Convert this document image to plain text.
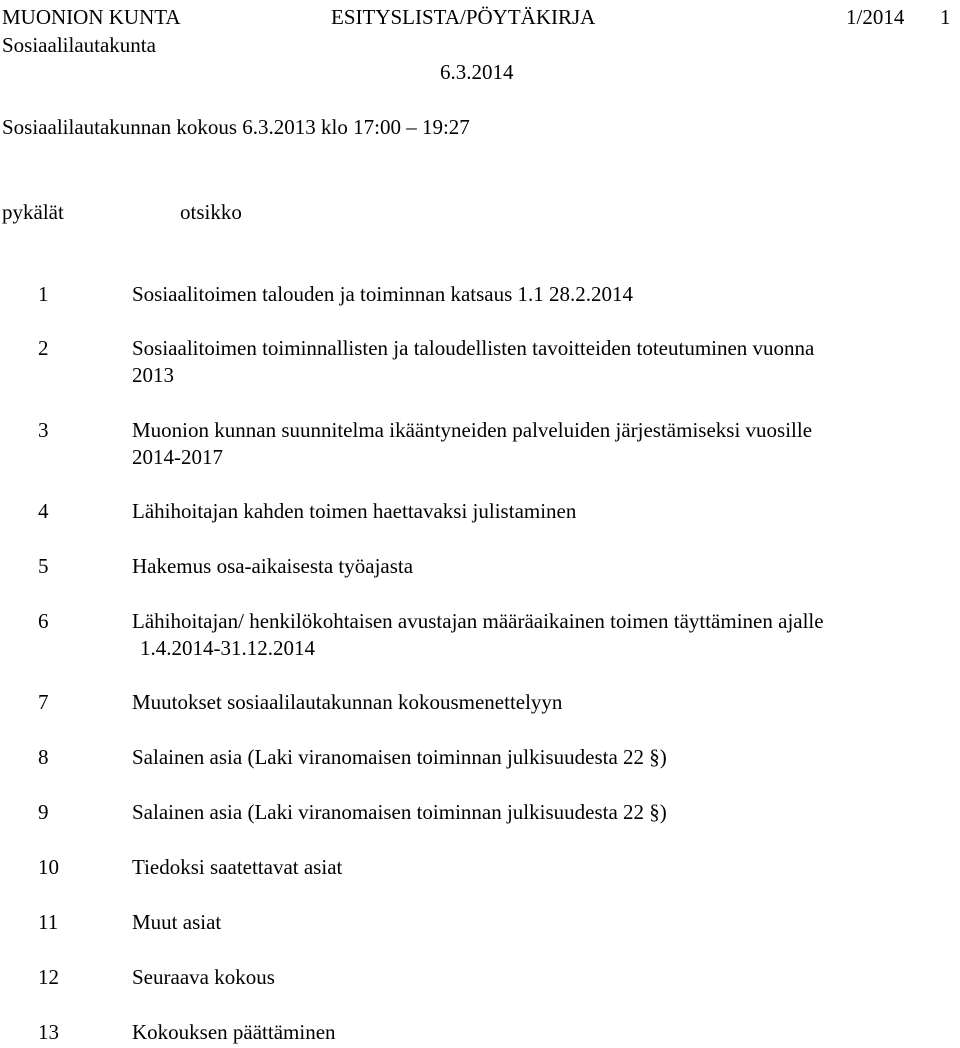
MUONION KUNTA	ESITYSLISTA/PÖYTÄKIRJA	1/2014 1
Sosiaalilautakunta
6.3.2014
Sosiaalilautakunnan kokous 6.3.2013 klo 17:00 – 19:27
pykälät	otsikko
1	Sosiaalitoimen talouden ja toiminnan katsaus 1.1 28.2.2014
2	Sosiaalitoimen toiminnallisten ja taloudellisten tavoitteiden toteutuminen vuonna
2013
3	Muonion kunnan suunnitelma ikääntyneiden palveluiden järjestämiseksi vuosille
2014-2017
4	Lähihoitajan kahden toimen haettavaksi julistaminen
5	Hakemus osa-aikaisesta työajasta
6	Lähihoitajan/ henkilökohtaisen avustajan määräaikainen toimen täyttäminen ajalle
1.4.2014-31.12.2014
7	Muutokset sosiaalilautakunnan kokousmenettelyyn
8	Salainen asia (Laki viranomaisen toiminnan julkisuudesta 22 §)
9	Salainen asia (Laki viranomaisen toiminnan julkisuudesta 22 §)
10	Tiedoksi saatettavat asiat
11	Muut asiat
12	Seuraava kokous
13	Kokouksen päättäminen
